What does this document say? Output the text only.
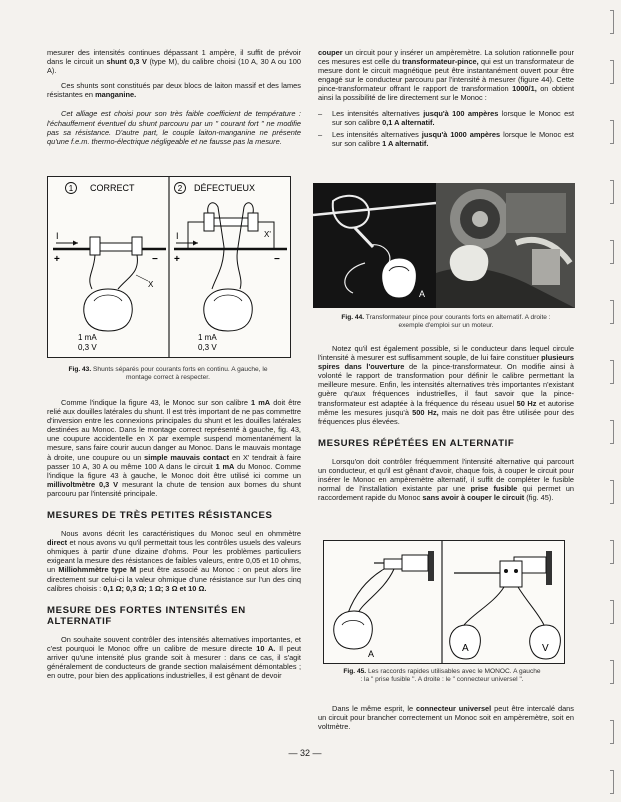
mesurer des intensités continues dépassant 1 ampère, il suffit de prévoir dans le circuit un shunt 0,3 V (type M), du calibre choisi (10 A, 30 A ou 100 A).

Ces shunts sont constitués par deux blocs de laiton massif et des lames résistantes en manganine.

Cet alliage est choisi pour son très faible coefficient de température : l'échauffement éventuel du shunt parcouru par un " courant fort " ne modifie pas sa résistance. D'autre part, le couple laiton-manganine ne présente qu'une f.e.m. thermo-électrique négligeable et ne fausse pas la mesure.

1 CORRECT
I
+	−
X
1 mA
0,3 V
2 DÉFECTUEUX
I	X'
+	−
1 mA
0,3 V
Fig. 43. Shunts séparés pour courants forts en continu. A gauche, le montage correct à respecter.

Comme l'indique la figure 43, le Monoc sur son calibre 1 mA doit être relié aux douilles latérales du shunt. Il est très important de ne pas commettre d'inversion entre les connexions principales du shunt et les douilles latérales destinées au Monoc. Dans le montage correct représenté à gauche, fig. 43, une coupure accidentelle en X par exemple suspend momentanément la mesure, sans faire courir aucun danger au Monoc. Dans le mauvais montage à droite, une coupure ou un simple mauvais contact en X' tendrait à faire passer 10 A, 30 A ou même 100 A dans le circuit 1 mA du Monoc. Comme l'indique la figure 43 à gauche, le Monoc doit être utilisé ici comme un millivoltmètre 0,3 V mesurant la chute de tension aux bornes du shunt parcouru par l'intensité principale.

MESURES DE TRÈS PETITES RÉSISTANCES

Nous avons décrit les caractéristiques du Monoc seul en ohmmètre direct et nous avons vu qu'il permettait tous les contrôles usuels des valeurs ohmiques à partir d'une dizaine d'ohms. Pour les problèmes particuliers exigeant la mesure des résistances de faibles valeurs, entre 0,05 et 10 ohms, un Milliohmmètre type M peut être associé au Monoc : on peut alors lire directement sur celui-ci la valeur ohmique d'une résistance sur l'un des cinq calibres choisis : 0,1 Ω; 0,3 Ω; 1 Ω; 3 Ω et 10 Ω.

MESURE DES FORTES INTENSITÉS EN ALTERNATIF

On souhaite souvent contrôler des intensités alternatives importantes, et c'est pourquoi le Monoc offre un calibre de mesure directe 10 A. Il peut arriver qu'une intensité plus grande soit à mesurer : dans ce cas, il s'agit généralement de conducteurs de grande section malaisément démontables ; en outre, pour bien des applications industrielles, il est gênant de devoir

couper un circuit pour y insérer un ampèremètre. La solution rationnelle pour ces mesures est celle du transformateur-pince, qui est un transformateur de mesure dont le circuit magnétique peut être instantanément ouvert pour être engagé sur le conducteur parcouru par l'intensité à mesurer (figure 44). Cette pince-transformateur offrant le rapport de transformation 1000/1, on obtient ainsi la possibilité de lire directement sur le Monoc :

– Les intensités alternatives jusqu'à 100 ampères lorsque le Monoc est sur son calibre 0,1 A alternatif.
– Les intensités alternatives jusqu'à 1000 ampères lorsque le Monoc est sur son calibre 1 A alternatif.
A
Fig. 44. Transformateur pince pour courants forts en alternatif. A droite : exemple d'emploi sur un moteur.

Notez qu'il est également possible, si le conducteur dans lequel circule l'intensité à mesurer est suffisamment souple, de lui faire constituer plusieurs spires dans l'ouverture de la pince-transformateur. On modifie ainsi à volonté le rapport de transformation pour définir le calibre permettant la meilleure mesure. Enfin, les intensités alternatives très importantes n'existant guère qu'aux fréquences industrielles, il faut savoir que la pince-transformateur est adaptée à la fréquence du réseau usuel 50 Hz et autorise même les mesures jusqu'à 500 Hz, mais ne doit pas être utilisée pour des fréquences plus élevées.

MESURES RÉPÉTÉES EN ALTERNATIF

Lorsqu'on doit contrôler fréquemment l'intensité alternative qui parcourt un conducteur, et qu'il est gênant d'avoir, chaque fois, à couper le circuit pour insérer le Monoc en ampèremètre alternatif, il suffit de compléter le fusible normal de l'installation existante par une prise fusible qui permet un raccordement rapide du Monoc sans avoir à couper le circuit (fig. 45).

A	A	V
Fig. 45. Les raccords rapides utilisables avec le MONOC. A gauche : la " prise fusible ". A droite : le " connecteur universel ".

Dans le même esprit, le connecteur universel peut être intercalé dans un circuit pour brancher correctement un Monoc soit en ampèremètre, soit en voltmètre.

— 32 —
